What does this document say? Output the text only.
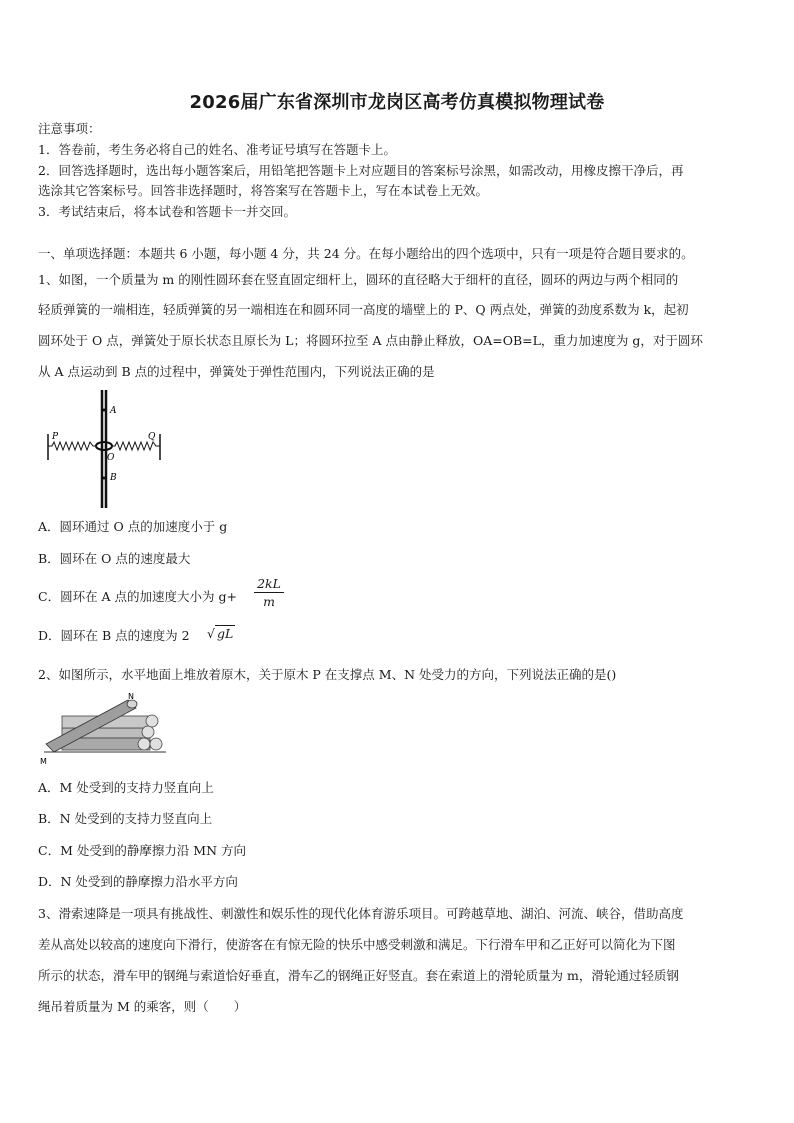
2026届广东省深圳市龙岗区高考仿真模拟物理试卷
注意事项：
1．答卷前，考生务必将自己的姓名、准考证号填写在答题卡上。
2．回答选择题时，选出每小题答案后，用铅笔把答题卡上对应题目的答案标号涂黑，如需改动，用橡皮擦干净后，再
选涂其它答案标号。回答非选择题时，将答案写在答题卡上，写在本试卷上无效。
3．考试结束后，将本试卷和答题卡一并交回。
一、单项选择题：本题共 6 小题，每小题 4 分，共 24 分。在每小题给出的四个选项中，只有一项是符合题目要求的。
1、如图，一个质量为 m 的刚性圆环套在竖直固定细杆上，圆环的直径略大于细杆的直径，圆环的两边与两个相同的
轻质弹簧的一端相连，轻质弹簧的另一端相连在和圆环同一高度的墙壁上的 P、Q 两点处，弹簧的劲度系数为 k，起初
圆环处于 O 点，弹簧处于原长状态且原长为 L；将圆环拉至 A 点由静止释放，OA=OB=L，重力加速度为 g，对于圆环
从 A 点运动到 B 点的过程中，弹簧处于弹性范围内，下列说法正确的是
A
O
B
P	Q
A．圆环通过 O 点的加速度小于 g
B．圆环在 O 点的速度最大
C．圆环在 A 点的加速度大小为 g+
2kL
m
D．圆环在 B 点的速度为 2 √ gL
2、如图所示，水平地面上堆放着原木，关于原木 P 在支撑点 M、N 处受力的方向，下列说法正确的是()
N
M
A．M 处受到的支持力竖直向上
B．N 处受到的支持力竖直向上
C．M 处受到的静摩擦力沿 MN 方向
D．N 处受到的静摩擦力沿水平方向
3、滑索速降是一项具有挑战性、刺激性和娱乐性的现代化体育游乐项目。可跨越草地、湖泊、河流、峡谷，借助高度
差从高处以较高的速度向下滑行，使游客在有惊无险的快乐中感受刺激和满足。下行滑车甲和乙正好可以简化为下图
所示的状态，滑车甲的钢绳与索道恰好垂直，滑车乙的钢绳正好竖直。套在索道上的滑轮质量为 m，滑轮通过轻质钢
绳吊着质量为 M 的乘客，则（　　）
